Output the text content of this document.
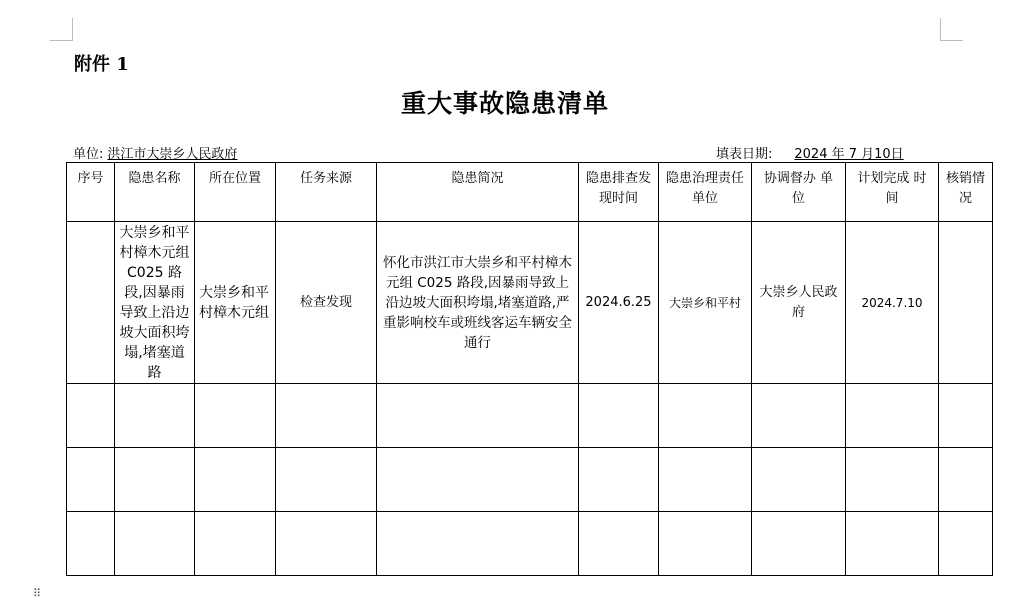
附件 1
重大事故隐患清单
单位: 洪江市大崇乡人民政府	填表日期: 2024 年 7 月10日
序号	隐患名称	所在位置	任务来源	隐患简况	隐患排查发现时间	隐患治理责任单位	协调督办 单 位	计划完成 时 间	核销情况
	大崇乡和平村樟木元组 C025 路段,因暴雨导致上沿边坡大面积垮塌,堵塞道路	大崇乡和平村樟木元组	检查发现	怀化市洪江市大崇乡和平村樟木元组 C025 路段,因暴雨导致上沿边坡大面积垮塌,堵塞道路,严重影响校车或班线客运车辆安全通行	2024.6.25	大崇乡和平村	大崇乡人民政府	2024.7.10	

⠿
